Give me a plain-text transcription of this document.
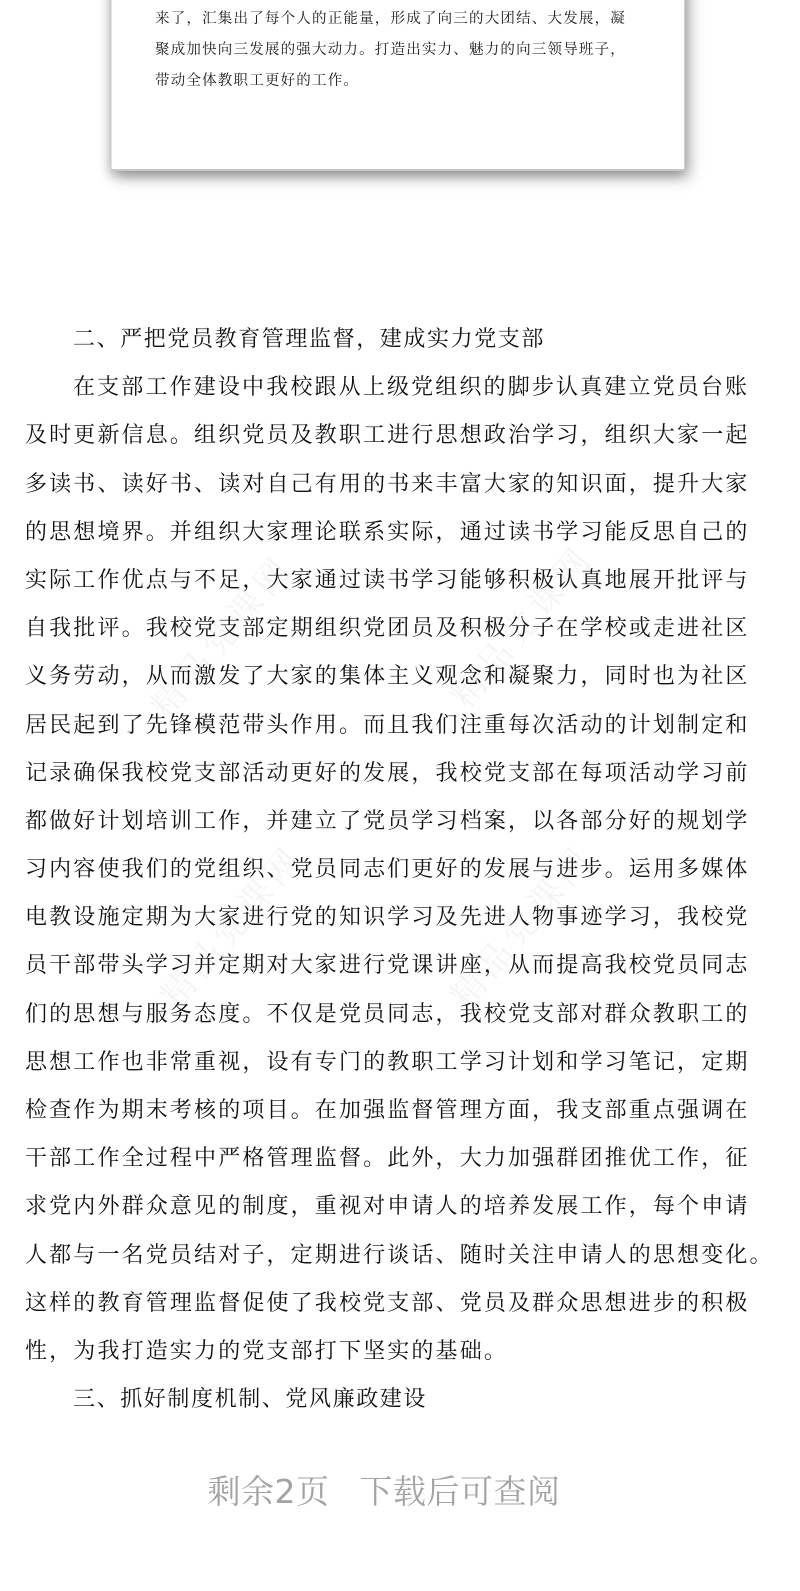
来了，汇集出了每个人的正能量，形成了向三的大团结、大发展，凝
聚成加快向三发展的强大动力。打造出实力、魅力的向三领导班子，
带动全体教职工更好的工作。
二、严把党员教育管理监督，建成实力党支部
在支部工作建设中我校跟从上级党组织的脚步认真建立党员台账
及时更新信息。组织党员及教职工进行思想政治学习，组织大家一起
多读书、读好书、读对自己有用的书来丰富大家的知识面，提升大家
的思想境界。并组织大家理论联系实际，通过读书学习能反思自己的
实际工作优点与不足，大家通过读书学习能够积极认真地展开批评与
自我批评。我校党支部定期组织党团员及积极分子在学校或走进社区
义务劳动，从而激发了大家的集体主义观念和凝聚力，同时也为社区
居民起到了先锋模范带头作用。而且我们注重每次活动的计划制定和
记录确保我校党支部活动更好的发展，我校党支部在每项活动学习前
都做好计划培训工作，并建立了党员学习档案，以各部分好的规划学
习内容使我们的党组织、党员同志们更好的发展与进步。运用多媒体
电教设施定期为大家进行党的知识学习及先进人物事迹学习，我校党
员干部带头学习并定期对大家进行党课讲座，从而提高我校党员同志
们的思想与服务态度。不仅是党员同志，我校党支部对群众教职工的
思想工作也非常重视，设有专门的教职工学习计划和学习笔记，定期
检查作为期末考核的项目。在加强监督管理方面，我支部重点强调在
干部工作全过程中严格管理监督。此外，大力加强群团推优工作，征
求党内外群众意见的制度，重视对申请人的培养发展工作，每个申请
人都与一名党员结对子，定期进行谈话、随时关注申请人的思想变化。
这样的教育管理监督促使了我校党支部、党员及群众思想进步的积极
性，为我打造实力的党支部打下坚实的基础。
三、抓好制度机制、党风廉政建设
剩余2页 下载后可查阅
